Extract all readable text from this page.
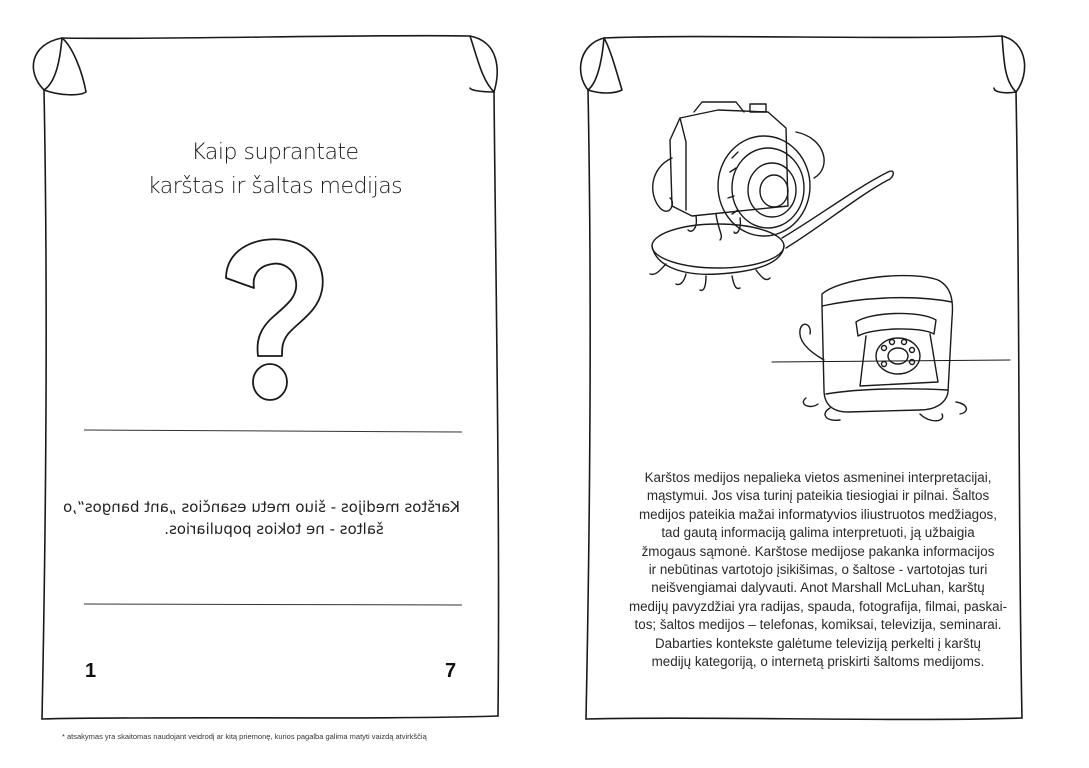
Kaip suprantate
karštas ir šaltas medijas
Karštos medijos - šiuo metu esančios „ant bangos“,o
šaltos - ne tokios populiarios.
1	7
* atsakymas yra skaitomas naudojant veidrodį ar kitą priemonę, kurios pagalba galima matyti vaizdą atvirkščią
Karštos medijos nepalieka vietos asmeninei interpretacijai,
mąstymui. Jos visa turinį pateikia tiesiogiai ir pilnai. Šaltos
medijos pateikia mažai informatyvios iliustruotos medžiagos,
tad gautą informaciją galima interpretuoti, ją užbaigia
žmogaus sąmonė. Karštose medijose pakanka informacijos
ir nebūtinas vartotojo įsikišimas, o šaltose - vartotojas turi
neišvengiamai dalyvauti. Anot Marshall McLuhan, karštų
medijų pavyzdžiai yra radijas, spauda, fotografija, filmai, paskai-
tos; šaltos medijos – telefonas, komiksai, televizija, seminarai.
Dabarties kontekste galėtume televiziją perkelti į karštų
medijų kategoriją, o internetą priskirti šaltoms medijoms.
